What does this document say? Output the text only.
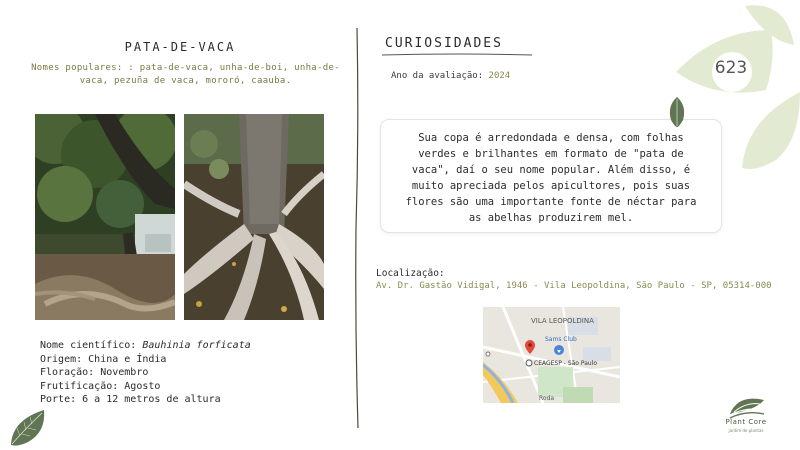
PATA-DE-VACA
Nomes populares: : pata-de-vaca, unha-de-boi, unha-de-vaca, pezuña de vaca, mororó, caauba.
Nome científico: Bauhinia forficata
Origem: China e Índia
Floração: Novembro
Frutificação: Agosto
Porte: 6 a 12 metros de altura
CURIOSIDADES
Ano da avaliação: 2024
Sua copa é arredondada e densa, com folhas verdes e brilhantes em formato de "pata de vaca", daí o seu nome popular. Além disso, é muito apreciada pelos apicultores, pois suas flores são uma importante fonte de néctar para as abelhas produzirem mel.
Localização:
Av. Dr. Gastão Vidigal, 1946 - Vila Leopoldina, São Paulo - SP, 05314-000
VILA LEOPOLDINA
Sams Club
CEAGESP - São Paulo
Roda
623
Plant Core
jardim de plantas
